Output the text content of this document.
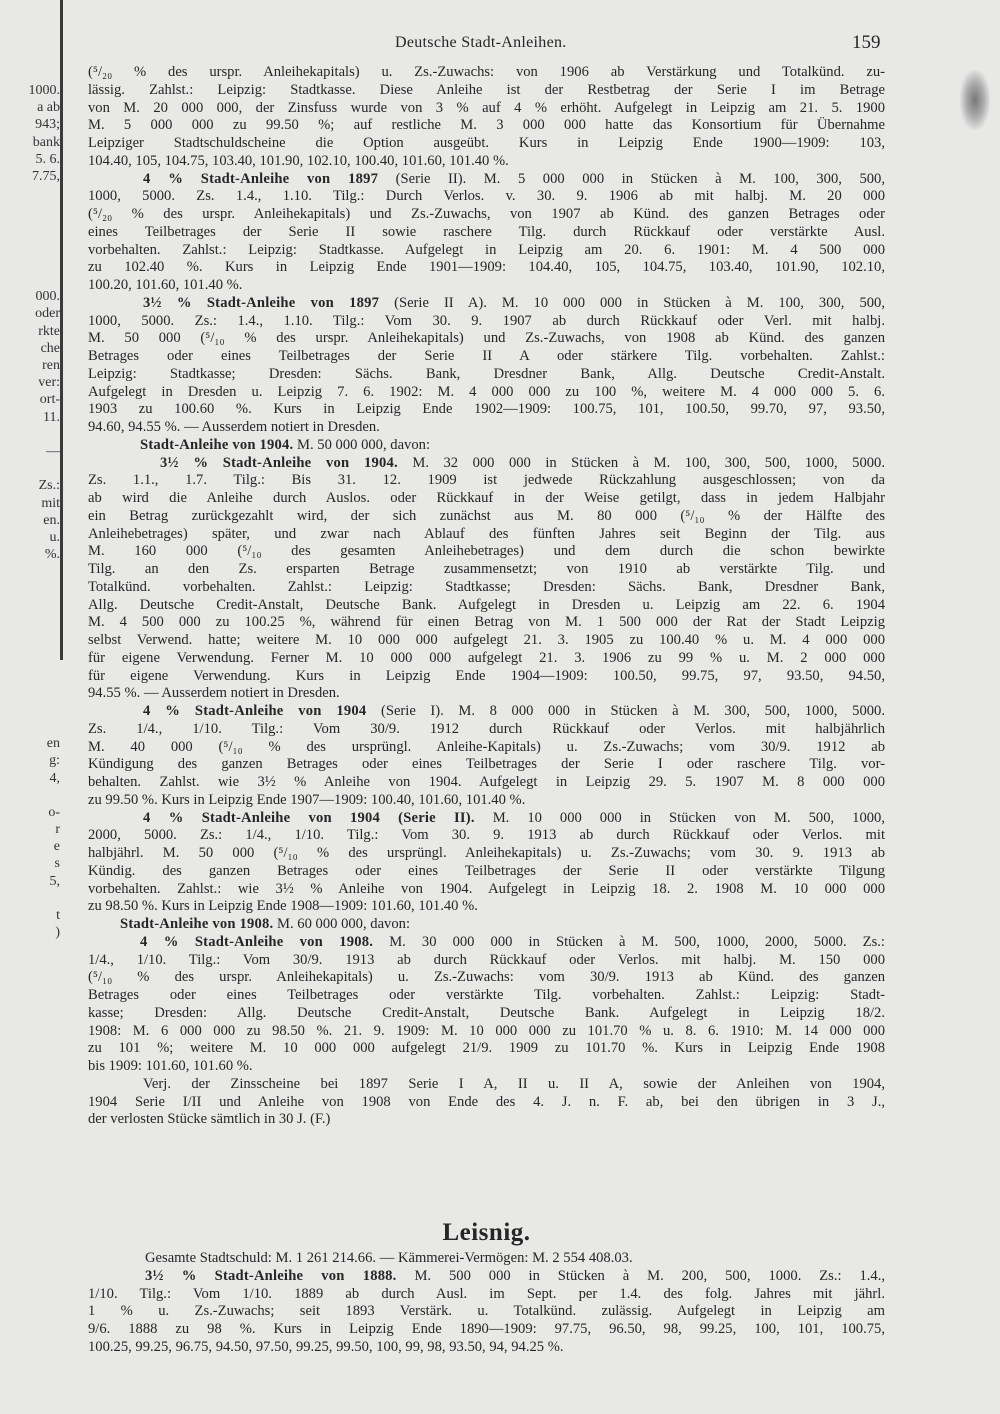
1000.
a ab
943;
bank
5. 6.
7.75,
000.
oder
rkte
che
ren
ver:
ort-
11.
—
Zs.:
mit
en.
u.
%.
en
g:
4,
o-
r
e
s
5,
t
)
Deutsche Stadt-Anleihen.	159
(⁵/₂₀ % des urspr. Anleihekapitals) u. Zs.-Zuwachs: von 1906 ab Verstärkung und Totalkünd. zu-
lässig. Zahlst.: Leipzig: Stadtkasse. Diese Anleihe ist der Restbetrag der Serie I im Betrage
von M. 20 000 000, der Zinsfuss wurde von 3 % auf 4 % erhöht. Aufgelegt in Leipzig am 21. 5. 1900
M. 5 000 000 zu 99.50 %; auf restliche M. 3 000 000 hatte das Konsortium für Übernahme
Leipziger Stadtschuldscheine die Option ausgeübt. Kurs in Leipzig Ende 1900—1909: 103,
104.40, 105, 104.75, 103.40, 101.90, 102.10, 100.40, 101.60, 101.40 %.
4 % Stadt-Anleihe von 1897 (Serie II). M. 5 000 000 in Stücken à M. 100, 300, 500,
1000, 5000. Zs. 1.4., 1.10. Tilg.: Durch Verlos. v. 30. 9. 1906 ab mit halbj. M. 20 000
(⁵/₂₀ % des urspr. Anleihekapitals) und Zs.-Zuwachs, von 1907 ab Künd. des ganzen Betrages oder
eines Teilbetrages der Serie II sowie raschere Tilg. durch Rückkauf oder verstärkte Ausl.
vorbehalten. Zahlst.: Leipzig: Stadtkasse. Aufgelegt in Leipzig am 20. 6. 1901: M. 4 500 000
zu 102.40 %. Kurs in Leipzig Ende 1901—1909: 104.40, 105, 104.75, 103.40, 101.90, 102.10,
100.20, 101.60, 101.40 %.
3½ % Stadt-Anleihe von 1897 (Serie II A). M. 10 000 000 in Stücken à M. 100, 300, 500,
1000, 5000. Zs.: 1.4., 1.10. Tilg.: Vom 30. 9. 1907 ab durch Rückkauf oder Verl. mit halbj.
M. 50 000 (⁵/₁₀ % des urspr. Anleihekapitals) und Zs.-Zuwachs, von 1908 ab Künd. des ganzen
Betrages oder eines Teilbetrages der Serie II A oder stärkere Tilg. vorbehalten. Zahlst.:
Leipzig: Stadtkasse; Dresden: Sächs. Bank, Dresdner Bank, Allg. Deutsche Credit-Anstalt.
Aufgelegt in Dresden u. Leipzig 7. 6. 1902: M. 4 000 000 zu 100 %, weitere M. 4 000 000 5. 6.
1903 zu 100.60 %. Kurs in Leipzig Ende 1902—1909: 100.75, 101, 100.50, 99.70, 97, 93.50,
94.60, 94.55 %. — Ausserdem notiert in Dresden.
Stadt-Anleihe von 1904. M. 50 000 000, davon:
3½ % Stadt-Anleihe von 1904. M. 32 000 000 in Stücken à M. 100, 300, 500, 1000, 5000.
Zs. 1.1., 1.7. Tilg.: Bis 31. 12. 1909 ist jedwede Rückzahlung ausgeschlossen; von da
ab wird die Anleihe durch Auslos. oder Rückkauf in der Weise getilgt, dass in jedem Halbjahr
ein Betrag zurückgezahlt wird, der sich zunächst aus M. 80 000 (⁵/₁₀ % der Hälfte des
Anleihebetrages) später, und zwar nach Ablauf des fünften Jahres seit Beginn der Tilg. aus
M. 160 000 (⁵/₁₀ des gesamten Anleihebetrages) und dem durch die schon bewirkte
Tilg. an den Zs. ersparten Betrage zusammensetzt; von 1910 ab verstärkte Tilg. und
Totalkünd. vorbehalten. Zahlst.: Leipzig: Stadtkasse; Dresden: Sächs. Bank, Dresdner Bank,
Allg. Deutsche Credit-Anstalt, Deutsche Bank. Aufgelegt in Dresden u. Leipzig am 22. 6. 1904
M. 4 500 000 zu 100.25 %, während für einen Betrag von M. 1 500 000 der Rat der Stadt Leipzig
selbst Verwend. hatte; weitere M. 10 000 000 aufgelegt 21. 3. 1905 zu 100.40 % u. M. 4 000 000
für eigene Verwendung. Ferner M. 10 000 000 aufgelegt 21. 3. 1906 zu 99 % u. M. 2 000 000
für eigene Verwendung. Kurs in Leipzig Ende 1904—1909: 100.50, 99.75, 97, 93.50, 94.50,
94.55 %. — Ausserdem notiert in Dresden.
4 % Stadt-Anleihe von 1904 (Serie I). M. 8 000 000 in Stücken à M. 300, 500, 1000, 5000.
Zs. 1/4., 1/10. Tilg.: Vom 30/9. 1912 durch Rückkauf oder Verlos. mit halbjährlich
M. 40 000 (⁵/₁₀ % des ursprüngl. Anleihe-Kapitals) u. Zs.-Zuwachs; vom 30/9. 1912 ab
Kündigung des ganzen Betrages oder eines Teilbetrages der Serie I oder raschere Tilg. vor-
behalten. Zahlst. wie 3½ % Anleihe von 1904. Aufgelegt in Leipzig 29. 5. 1907 M. 8 000 000
zu 99.50 %. Kurs in Leipzig Ende 1907—1909: 100.40, 101.60, 101.40 %.
4 % Stadt-Anleihe von 1904 (Serie II). M. 10 000 000 in Stücken von M. 500, 1000,
2000, 5000. Zs.: 1/4., 1/10. Tilg.: Vom 30. 9. 1913 ab durch Rückkauf oder Verlos. mit
halbjährl. M. 50 000 (⁵/₁₀ % des ursprüngl. Anleihekapitals) u. Zs.-Zuwachs; vom 30. 9. 1913 ab
Kündig. des ganzen Betrages oder eines Teilbetrages der Serie II oder verstärkte Tilgung
vorbehalten. Zahlst.: wie 3½ % Anleihe von 1904. Aufgelegt in Leipzig 18. 2. 1908 M. 10 000 000
zu 98.50 %. Kurs in Leipzig Ende 1908—1909: 101.60, 101.40 %.
Stadt-Anleihe von 1908. M. 60 000 000, davon:
4 % Stadt-Anleihe von 1908. M. 30 000 000 in Stücken à M. 500, 1000, 2000, 5000. Zs.:
1/4., 1/10. Tilg.: Vom 30/9. 1913 ab durch Rückkauf oder Verlos. mit halbj. M. 150 000
(⁵/₁₀ % des urspr. Anleihekapitals) u. Zs.-Zuwachs: vom 30/9. 1913 ab Künd. des ganzen
Betrages oder eines Teilbetrages oder verstärkte Tilg. vorbehalten. Zahlst.: Leipzig: Stadt-
kasse; Dresden: Allg. Deutsche Credit-Anstalt, Deutsche Bank. Aufgelegt in Leipzig 18/2.
1908: M. 6 000 000 zu 98.50 %. 21. 9. 1909: M. 10 000 000 zu 101.70 % u. 8. 6. 1910: M. 14 000 000
zu 101 %; weitere M. 10 000 000 aufgelegt 21/9. 1909 zu 101.70 %. Kurs in Leipzig Ende 1908
bis 1909: 101.60, 101.60 %.
Verj. der Zinsscheine bei 1897 Serie I A, II u. II A, sowie der Anleihen von 1904,
1904 Serie I/II und Anleihe von 1908 von Ende des 4. J. n. F. ab, bei den übrigen in 3 J.,
der verlosten Stücke sämtlich in 30 J. (F.)
Leisnig.
Gesamte Stadtschuld: M. 1 261 214.66. — Kämmerei-Vermögen: M. 2 554 408.03.
3½ % Stadt-Anleihe von 1888. M. 500 000 in Stücken à M. 200, 500, 1000. Zs.: 1.4.,
1/10. Tilg.: Vom 1/10. 1889 ab durch Ausl. im Sept. per 1.4. des folg. Jahres mit jährl.
1 % u. Zs.-Zuwachs; seit 1893 Verstärk. u. Totalkünd. zulässig. Aufgelegt in Leipzig am
9/6. 1888 zu 98 %. Kurs in Leipzig Ende 1890—1909: 97.75, 96.50, 98, 99.25, 100, 101, 100.75,
100.25, 99.25, 96.75, 94.50, 97.50, 99.25, 99.50, 100, 99, 98, 93.50, 94, 94.25 %.
